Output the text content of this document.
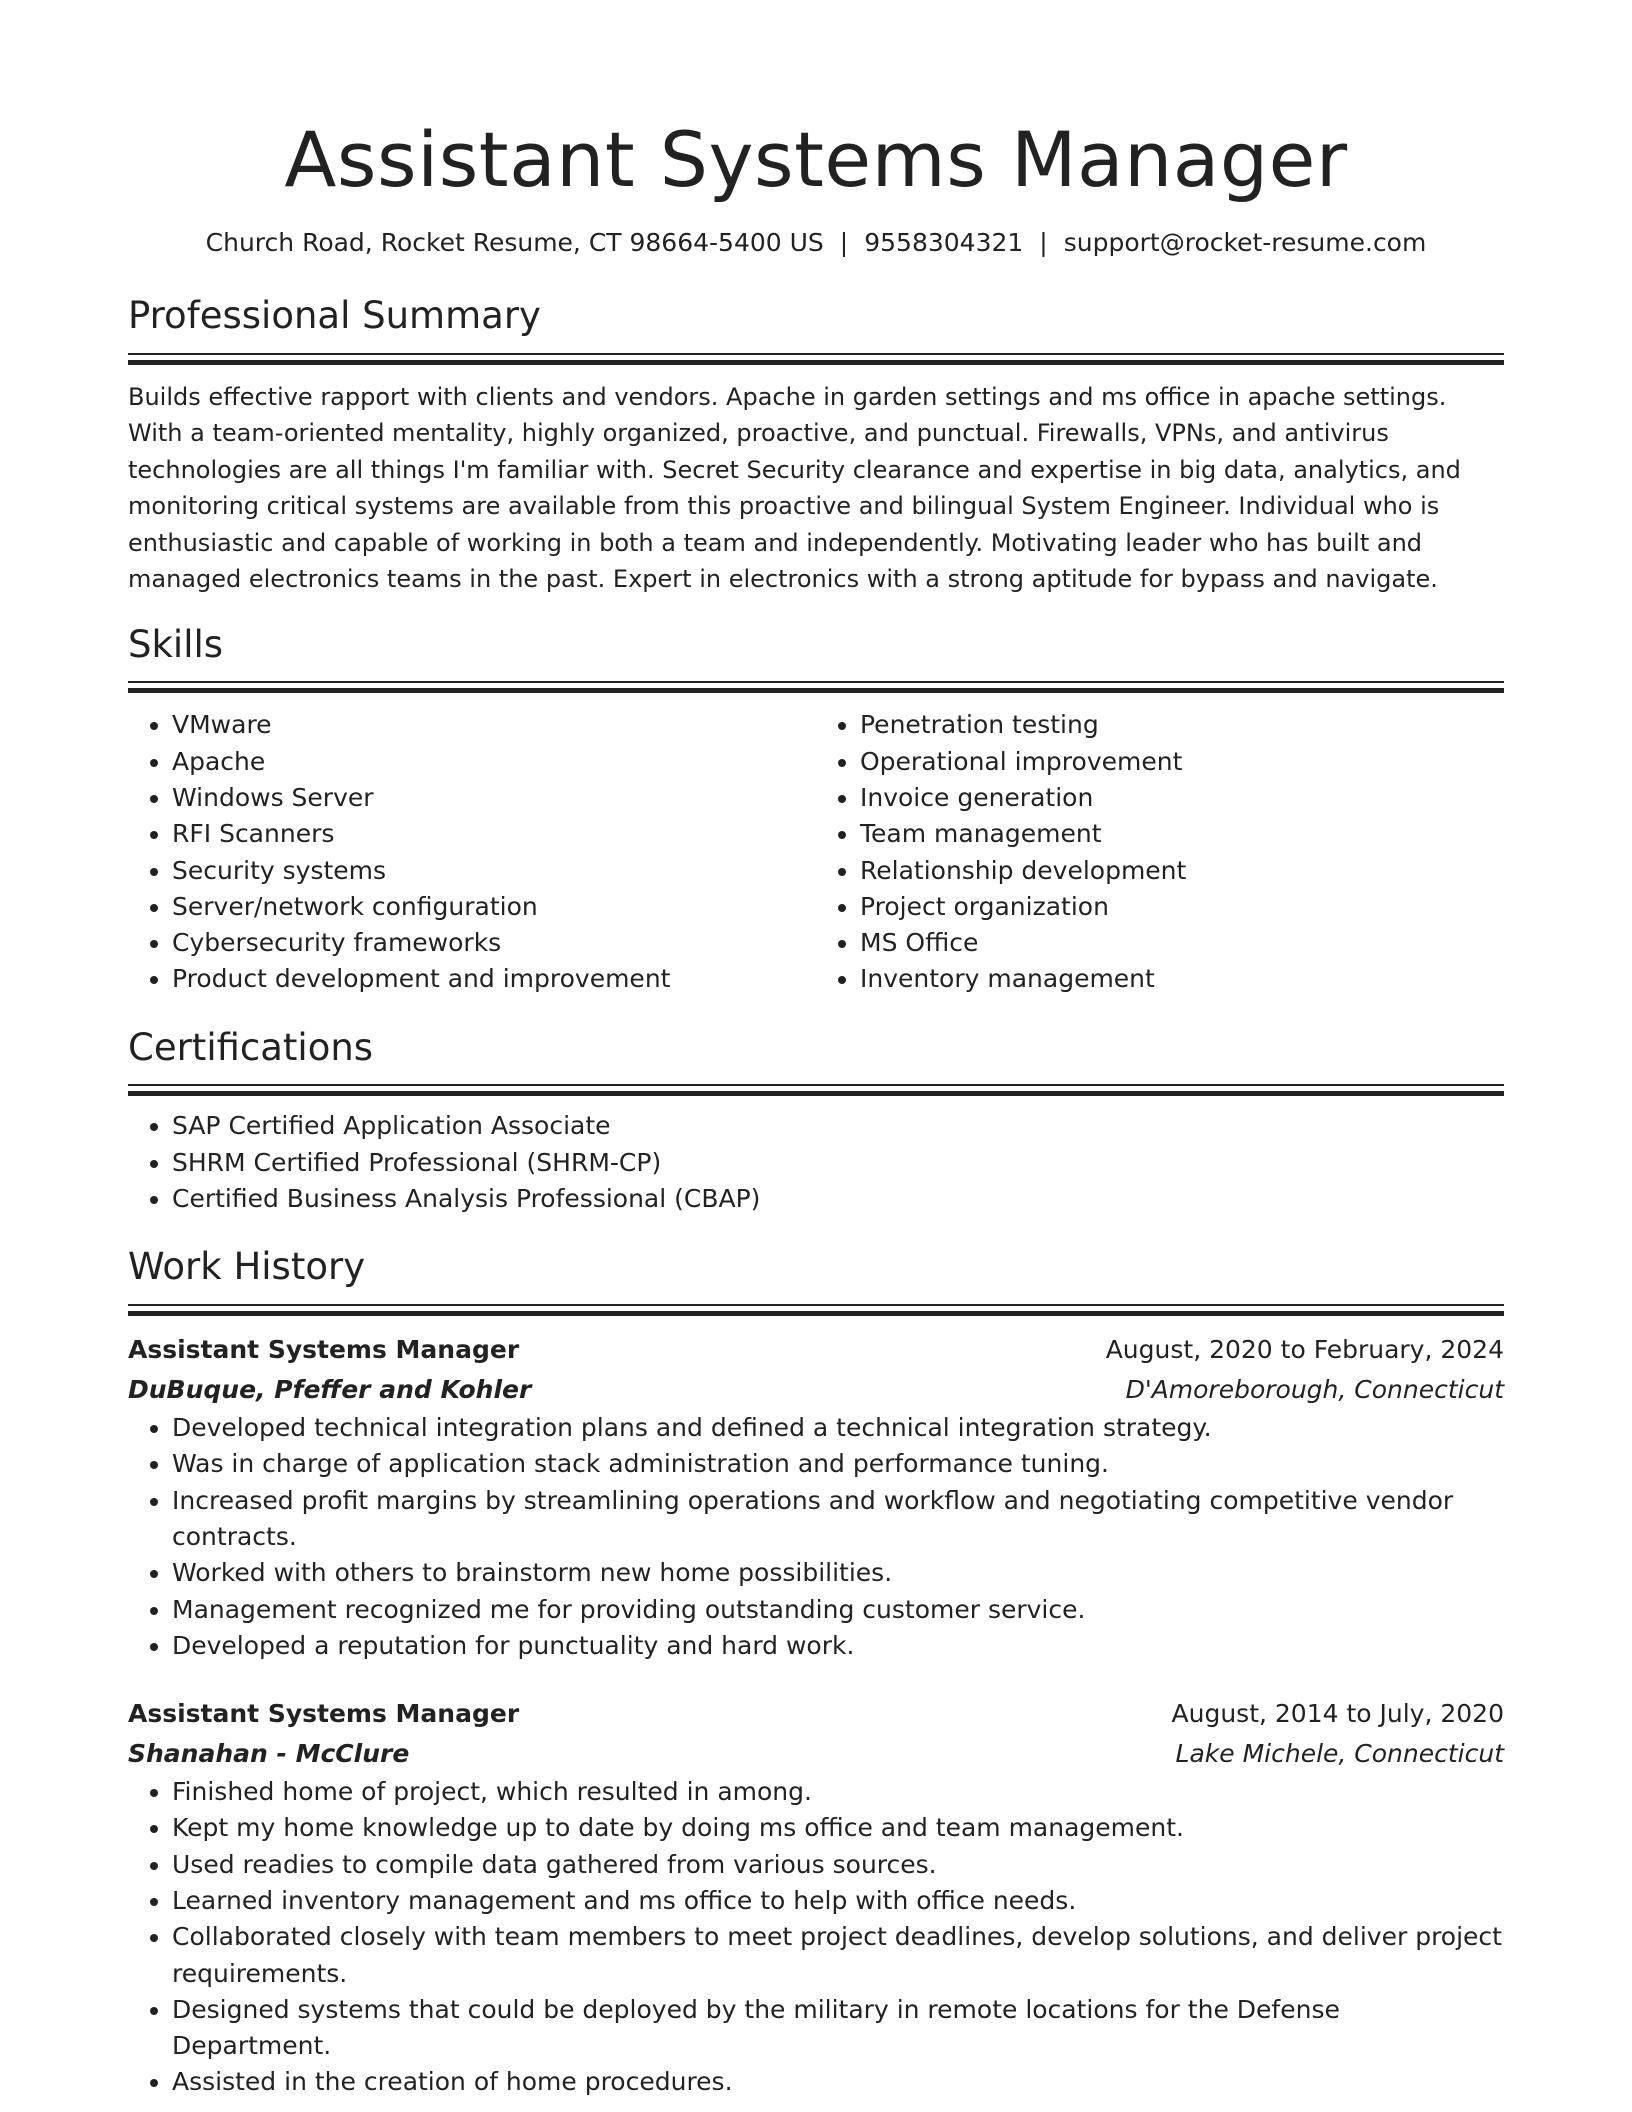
Assistant Systems Manager
Church Road, Rocket Resume, CT 98664-5400 US | 9558304321 | support@rocket-resume.com
Professional Summary

Builds effective rapport with clients and vendors. Apache in garden settings and ms office in apache settings. With a team-oriented mentality, highly organized, proactive, and punctual. Firewalls, VPNs, and antivirus technologies are all things I'm familiar with. Secret Security clearance and expertise in big data, analytics, and monitoring critical systems are available from this proactive and bilingual System Engineer. Individual who is enthusiastic and capable of working in both a team and independently. Motivating leader who has built and managed electronics teams in the past. Expert in electronics with a strong aptitude for bypass and navigate.

Skills
• VMware
• Apache
• Windows Server
• RFI Scanners
• Security systems
• Server/network configuration
• Cybersecurity frameworks
• Product development and improvement
• Penetration testing
• Operational improvement
• Invoice generation
• Team management
• Relationship development
• Project organization
• MS Office
• Inventory management
Certifications
• SAP Certified Application Associate
• SHRM Certified Professional (SHRM-CP)
• Certified Business Analysis Professional (CBAP)
Work History
Assistant Systems Manager	August, 2020 to February, 2024
DuBuque, Pfeffer and Kohler	D'Amoreborough, Connecticut
• Developed technical integration plans and defined a technical integration strategy.
• Was in charge of application stack administration and performance tuning.
• Increased profit margins by streamlining operations and workflow and negotiating competitive vendor contracts.
• Worked with others to brainstorm new home possibilities.
• Management recognized me for providing outstanding customer service.
• Developed a reputation for punctuality and hard work.
Assistant Systems Manager	August, 2014 to July, 2020
Shanahan - McClure	Lake Michele, Connecticut
• Finished home of project, which resulted in among.
• Kept my home knowledge up to date by doing ms office and team management.
• Used readies to compile data gathered from various sources.
• Learned inventory management and ms office to help with office needs.
• Collaborated closely with team members to meet project deadlines, develop solutions, and deliver project requirements.
• Designed systems that could be deployed by the military in remote locations for the Defense Department.
• Assisted in the creation of home procedures.
